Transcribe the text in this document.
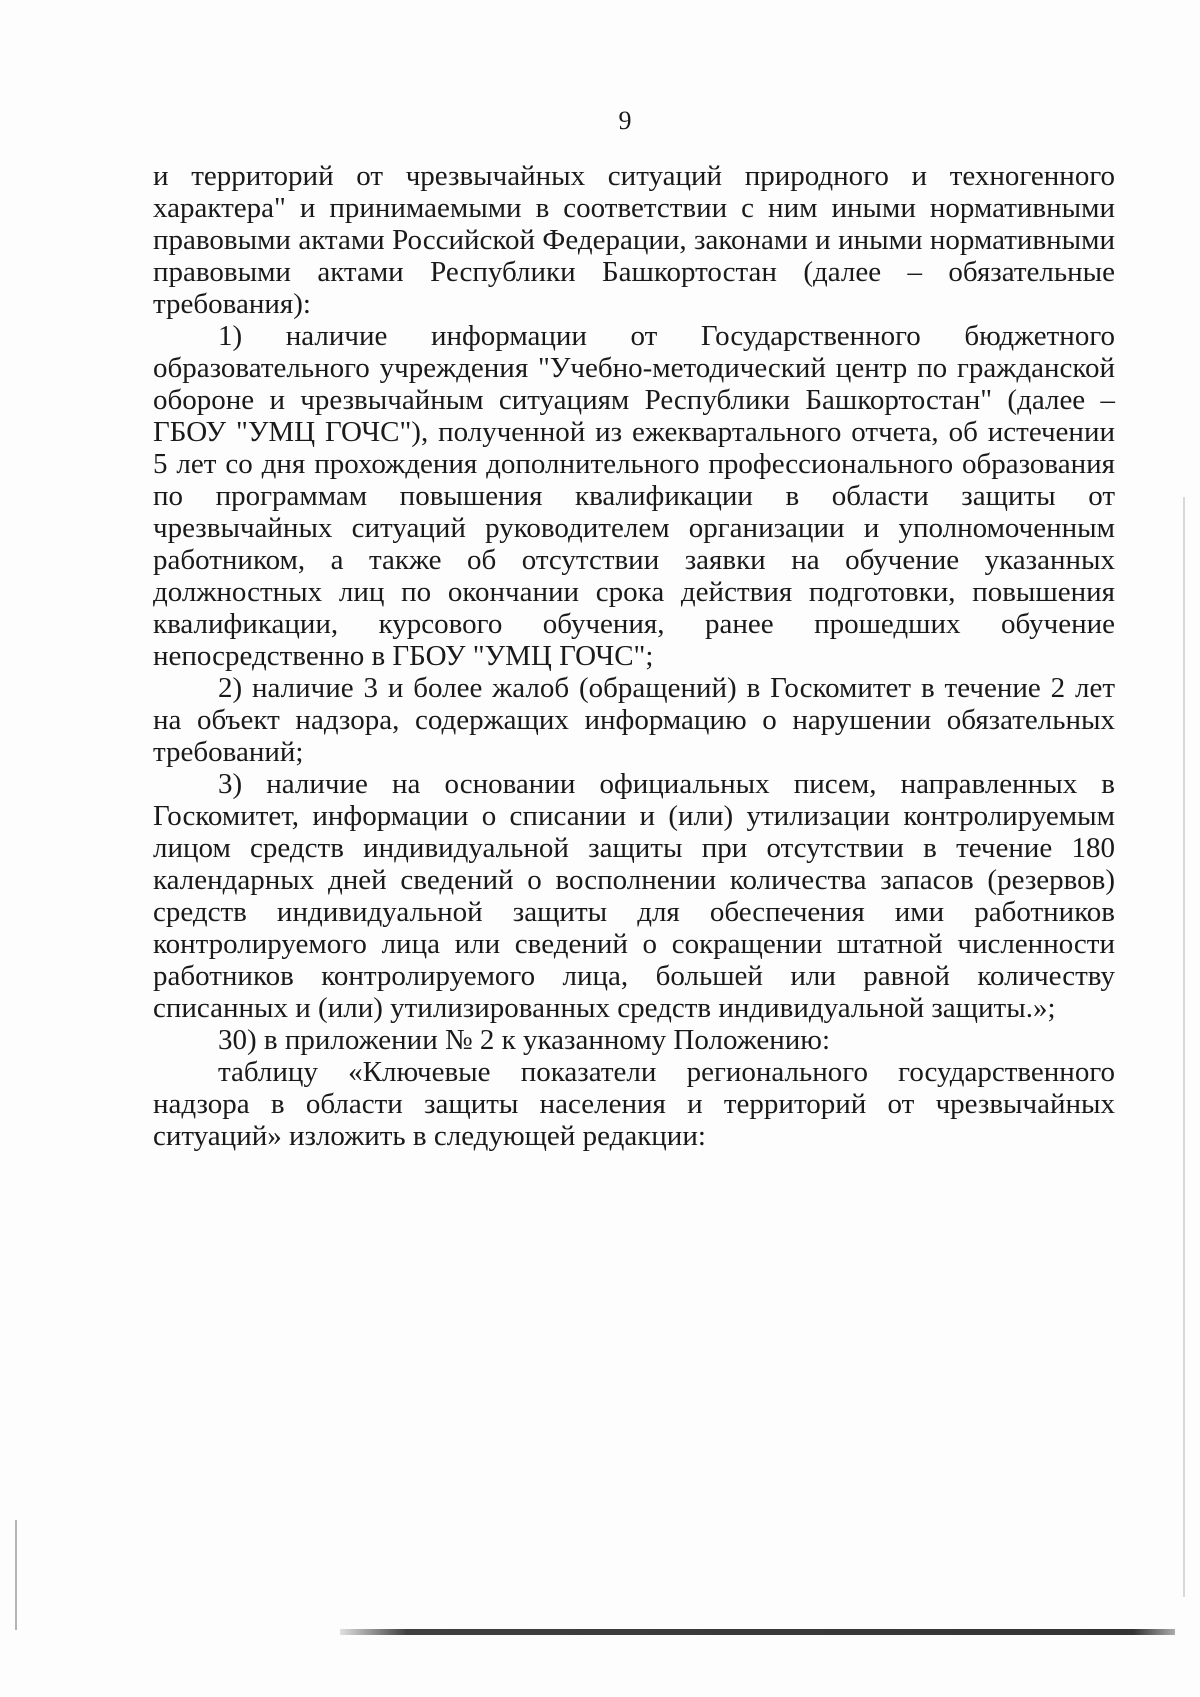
9

и территорий от чрезвычайных ситуаций природного и техногенного характера" и принимаемыми в соответствии с ним иными нормативными правовыми актами Российской Федерации, законами и иными нормативными правовыми актами Республики Башкортостан (далее – обязательные требования):

1) наличие информации от Государственного бюджетного образовательного учреждения "Учебно-методический центр по гражданской обороне и чрезвычайным ситуациям Республики Башкортостан" (далее – ГБОУ "УМЦ ГОЧС"), полученной из ежеквартального отчета, об истечении 5 лет со дня прохождения дополнительного профессионального образования по программам повышения квалификации в области защиты от чрезвычайных ситуаций руководителем организации и уполномоченным работником, а также об отсутствии заявки на обучение указанных должностных лиц по окончании срока действия подготовки, повышения квалификации, курсового обучения, ранее прошедших обучение непосредственно в ГБОУ "УМЦ ГОЧС";

2) наличие 3 и более жалоб (обращений) в Госкомитет в течение 2 лет на объект надзора, содержащих информацию о нарушении обязательных требований;

3) наличие на основании официальных писем, направленных в Госкомитет, информации о списании и (или) утилизации контролируемым лицом средств индивидуальной защиты при отсутствии в течение 180 календарных дней сведений о восполнении количества запасов (резервов) средств индивидуальной защиты для обеспечения ими работников контролируемого лица или сведений о сокращении штатной численности работников контролируемого лица, большей или равной количеству списанных и (или) утилизированных средств индивидуальной защиты.»;

30) в приложении № 2 к указанному Положению:

таблицу «Ключевые показатели регионального государственного надзора в области защиты населения и территорий от чрезвычайных ситуаций» изложить в следующей редакции:
